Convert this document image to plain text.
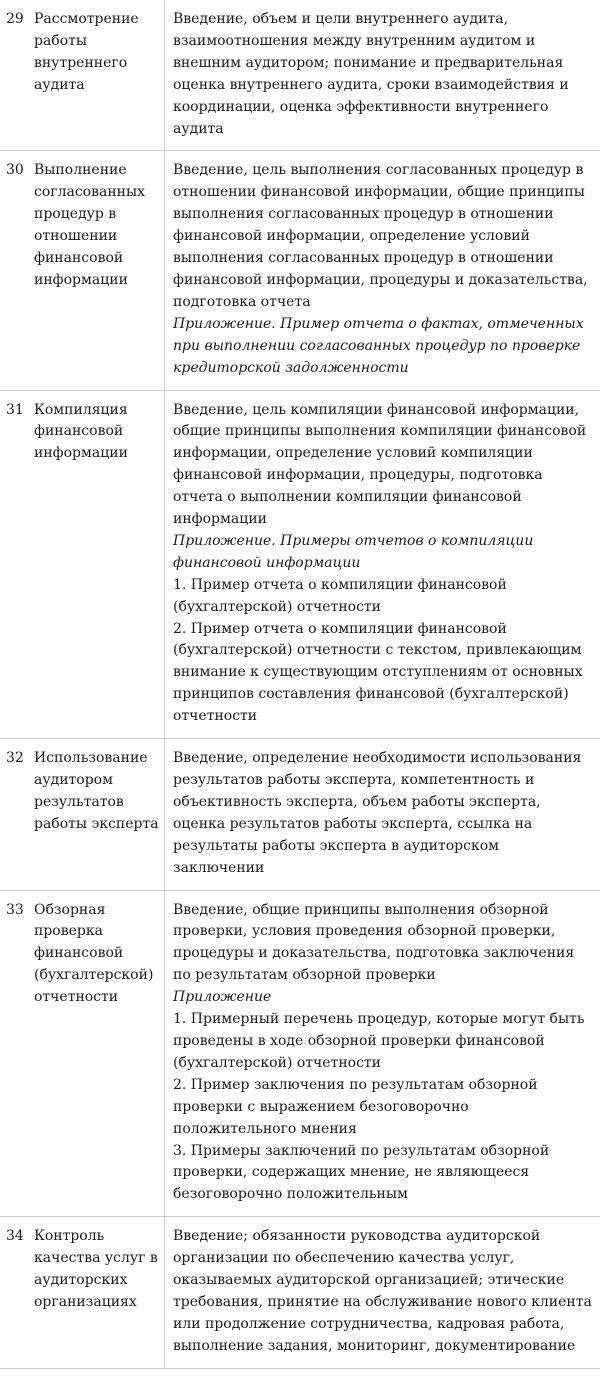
29	Рассмотрение работы внутреннего аудита	Введение, объем и цели внутреннего аудита, взаимоотношения между внутренним аудитом и внешним аудитором; понимание и предварительная оценка внутреннего аудита, сроки взаимодействия и координации, оценка эффективности внутреннего аудита

30	Выполнение согласованных процедур в отношении финансовой информации	Введение, цель выполнения согласованных процедур в отношении финансовой информации, общие принципы выполнения согласованных процедур в отношении финансовой информации, определение условий выполнения согласованных процедур в отношении финансовой информации, процедуры и доказательства, подготовка отчета
Приложение. Пример отчета о фактах, отмеченных при выполнении согласованных процедур по проверке кредиторской задолженности

31	Компиляция финансовой информации	Введение, цель компиляции финансовой информации, общие принципы выполнения компиляции финансовой информации, определение условий компиляции финансовой информации, процедуры, подготовка отчета о выполнении компиляции финансовой информации
Приложение. Примеры отчетов о компиляции финансовой информации
1. Пример отчета о компиляции финансовой (бухгалтерской) отчетности
2. Пример отчета о компиляции финансовой (бухгалтерской) отчетности с текстом, привлекающим внимание к существующим отступлениям от основных принципов составления финансовой (бухгалтерской) отчетности

32	Использование аудитором результатов работы эксперта	Введение, определение необходимости использования результатов работы эксперта, компетентность и объективность эксперта, объем работы эксперта, оценка результатов работы эксперта, ссылка на результаты работы эксперта в аудиторском заключении

33	Обзорная проверка финансовой (бухгалтерской) отчетности	Введение, общие принципы выполнения обзорной проверки, условия проведения обзорной проверки, процедуры и доказательства, подготовка заключения по результатам обзорной проверки
Приложение
1. Примерный перечень процедур, которые могут быть проведены в ходе обзорной проверки финансовой (бухгалтерской) отчетности
2. Пример заключения по результатам обзорной проверки с выражением безоговорочно положительного мнения
3. Примеры заключений по результатам обзорной проверки, содержащих мнение, не являющееся безоговорочно положительным

34	Контроль качества услуг в аудиторских организациях	Введение; обязанности руководства аудиторской организации по обеспечению качества услуг, оказываемых аудиторской организацией; этические требования, принятие на обслуживание нового клиента или продолжение сотрудничества, кадровая работа, выполнение задания, мониторинг, документирование
